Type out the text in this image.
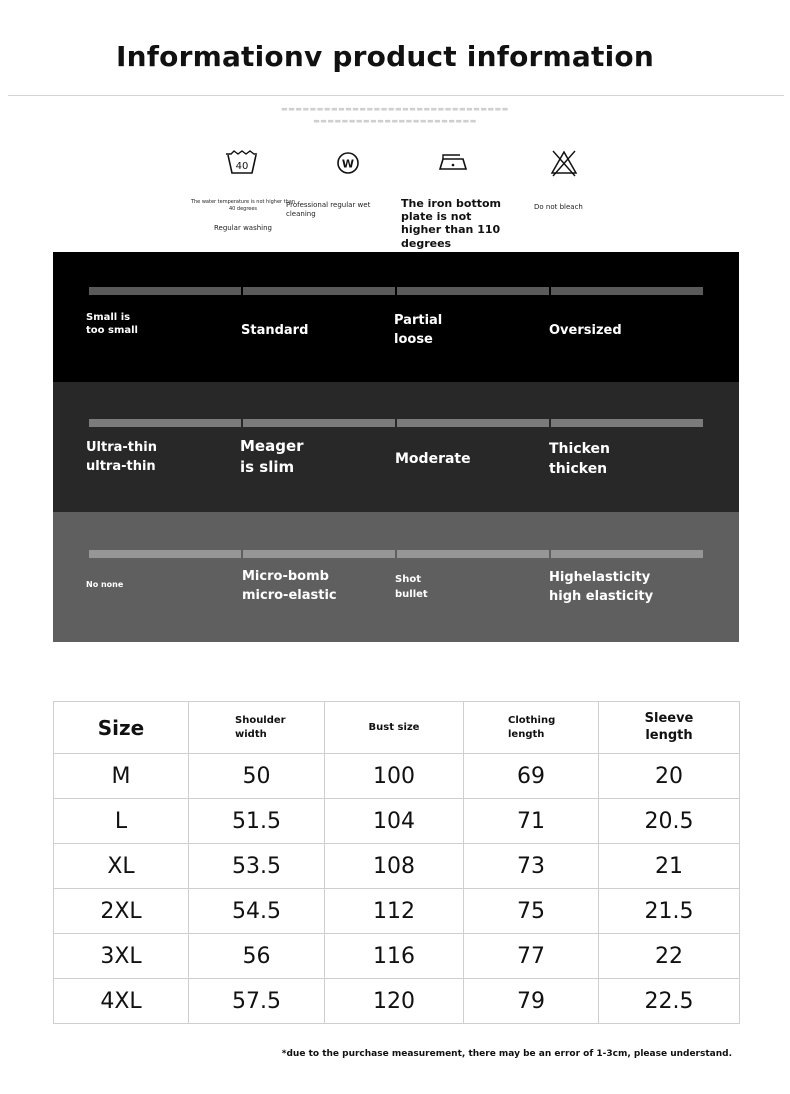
Informationv product information
▬▬▬▬▬▬▬▬▬▬▬▬▬▬▬▬▬▬▬▬▬▬▬▬▬▬▬▬▬▬▬▬
▬▬▬▬▬▬▬▬▬▬▬▬▬▬▬▬▬▬▬▬▬▬▬
40	W
The water temperature is not higher than 40 degrees
Regular washing
Professional regular wet cleaning
The iron bottom plate is not higher than 110 degrees
Do not bleach
Small is too small	Standard
Partial loose
Oversized
Ultra-thin ultra-thin
Meager is slim	Moderate
Thicken thicken
No none
Micro-bomb micro-elastic
Shot bullet
Highelasticity high elasticity
Size	Shoulder width	Bust size	Clothing length	Sleeve length
M	50	100	69	20
L	51.5	104	71	20.5
XL	53.5	108	73	21
2XL	54.5	112	75	21.5
3XL	56	116	77	22
4XL	57.5	120	79	22.5
*due to the purchase measurement, there may be an error of 1-3cm, please understand.
